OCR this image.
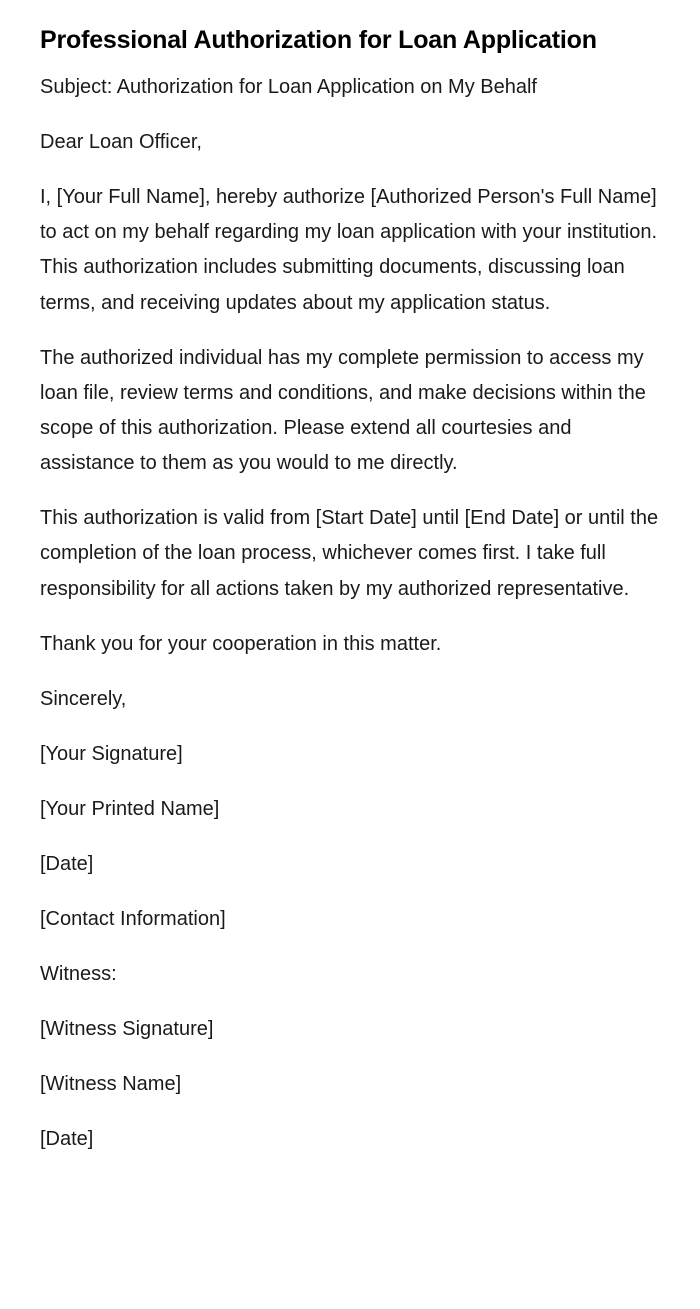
Professional Authorization for Loan Application

Subject: Authorization for Loan Application on My Behalf

Dear Loan Officer,

I, [Your Full Name], hereby authorize [Authorized Person's Full Name] to act on my behalf regarding my loan application with your institution. This authorization includes submitting documents, discussing loan terms, and receiving updates about my application status.

The authorized individual has my complete permission to access my loan file, review terms and conditions, and make decisions within the scope of this authorization. Please extend all courtesies and assistance to them as you would to me directly.

This authorization is valid from [Start Date] until [End Date] or until the completion of the loan process, whichever comes first. I take full responsibility for all actions taken by my authorized representative.

Thank you for your cooperation in this matter.

Sincerely,

[Your Signature]

[Your Printed Name]

[Date]

[Contact Information]

Witness:

[Witness Signature]

[Witness Name]

[Date]
